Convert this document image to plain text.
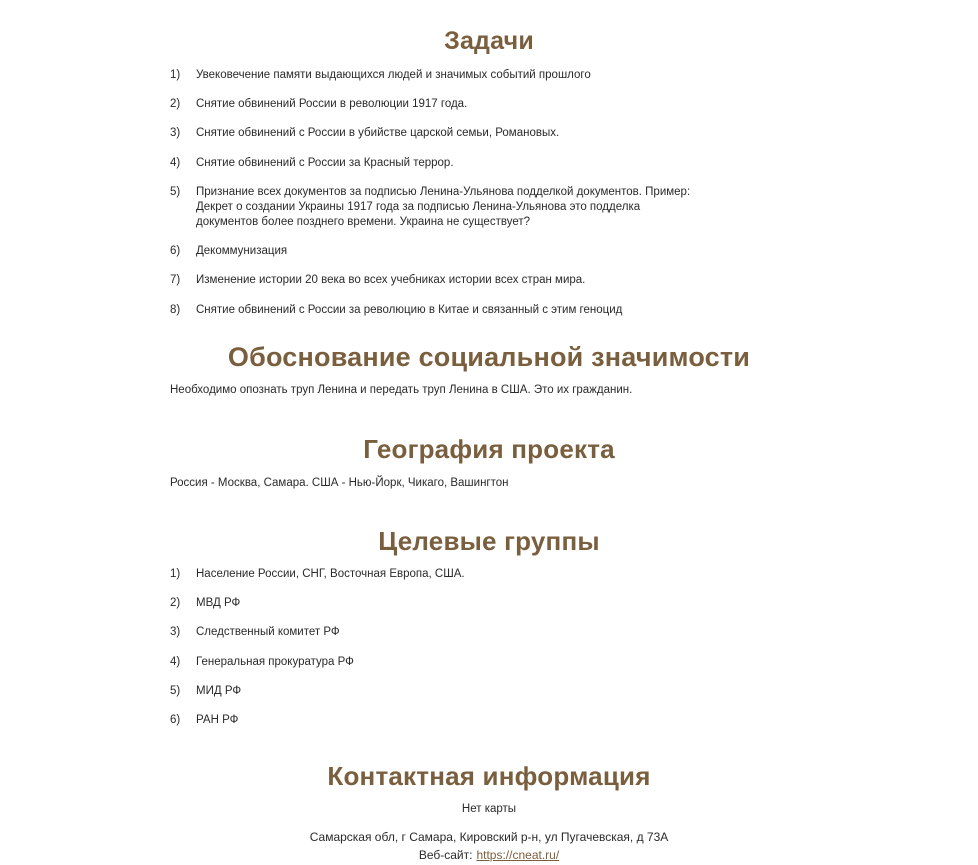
Задачи
1)	Увековечение памяти выдающихся людей и значимых событий прошлого
2)	Снятие обвинений России в революции 1917 года.
3)	Снятие обвинений с России в убийстве царской семьи, Романовых.
4)	Снятие обвинений с России за Красный террор.
5)	Признание всех документов за подписью Ленина-Ульянова подделкой документов. Пример: Декрет о создании Украины 1917 года за подписью Ленина-Ульянова это подделка документов более позднего времени. Украина не существует?
6)	Декоммунизация
7)	Изменение истории 20 века во всех учебниках истории всех стран мира.
8)	Снятие обвинений с России за революцию в Китае и связанный с этим геноцид
Обоснование социальной значимости
Необходимо опознать труп Ленина и передать труп Ленина в США. Это их гражданин.
География проекта
Россия - Москва, Самара. США - Нью-Йорк, Чикаго, Вашингтон
Целевые группы
1)	Население России, СНГ, Восточная Европа, США.
2)	МВД РФ
3)	Следственный комитет РФ
4)	Генеральная прокуратура РФ
5)	МИД РФ
6)	РАН РФ
Контактная информация
Нет карты
Самарская обл, г Самара, Кировский р-н, ул Пугачевская, д 73А
Веб-сайт: https://cneat.ru/
